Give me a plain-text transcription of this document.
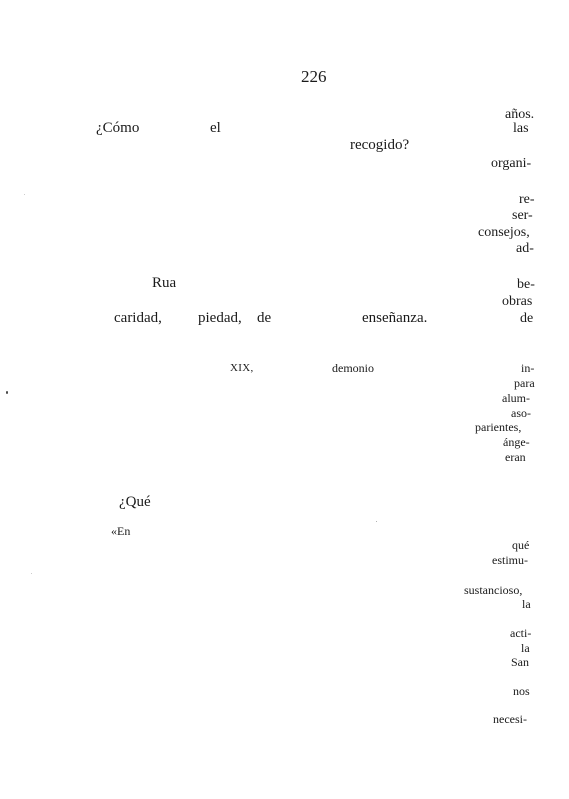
226
años.
¿Cómo	el	las
recogido?
organi-
re-
ser-
consejos,
ad-
Rua	be-
obras
caridad, piedad, de	enseñanza.	de
XIX,	demonio	in-
para
alum-
aso-
parientes,
ánge-
eran
¿Qué
«En
qué
estimu-
sustancioso,
la
acti-
la
San
nos
necesi-
